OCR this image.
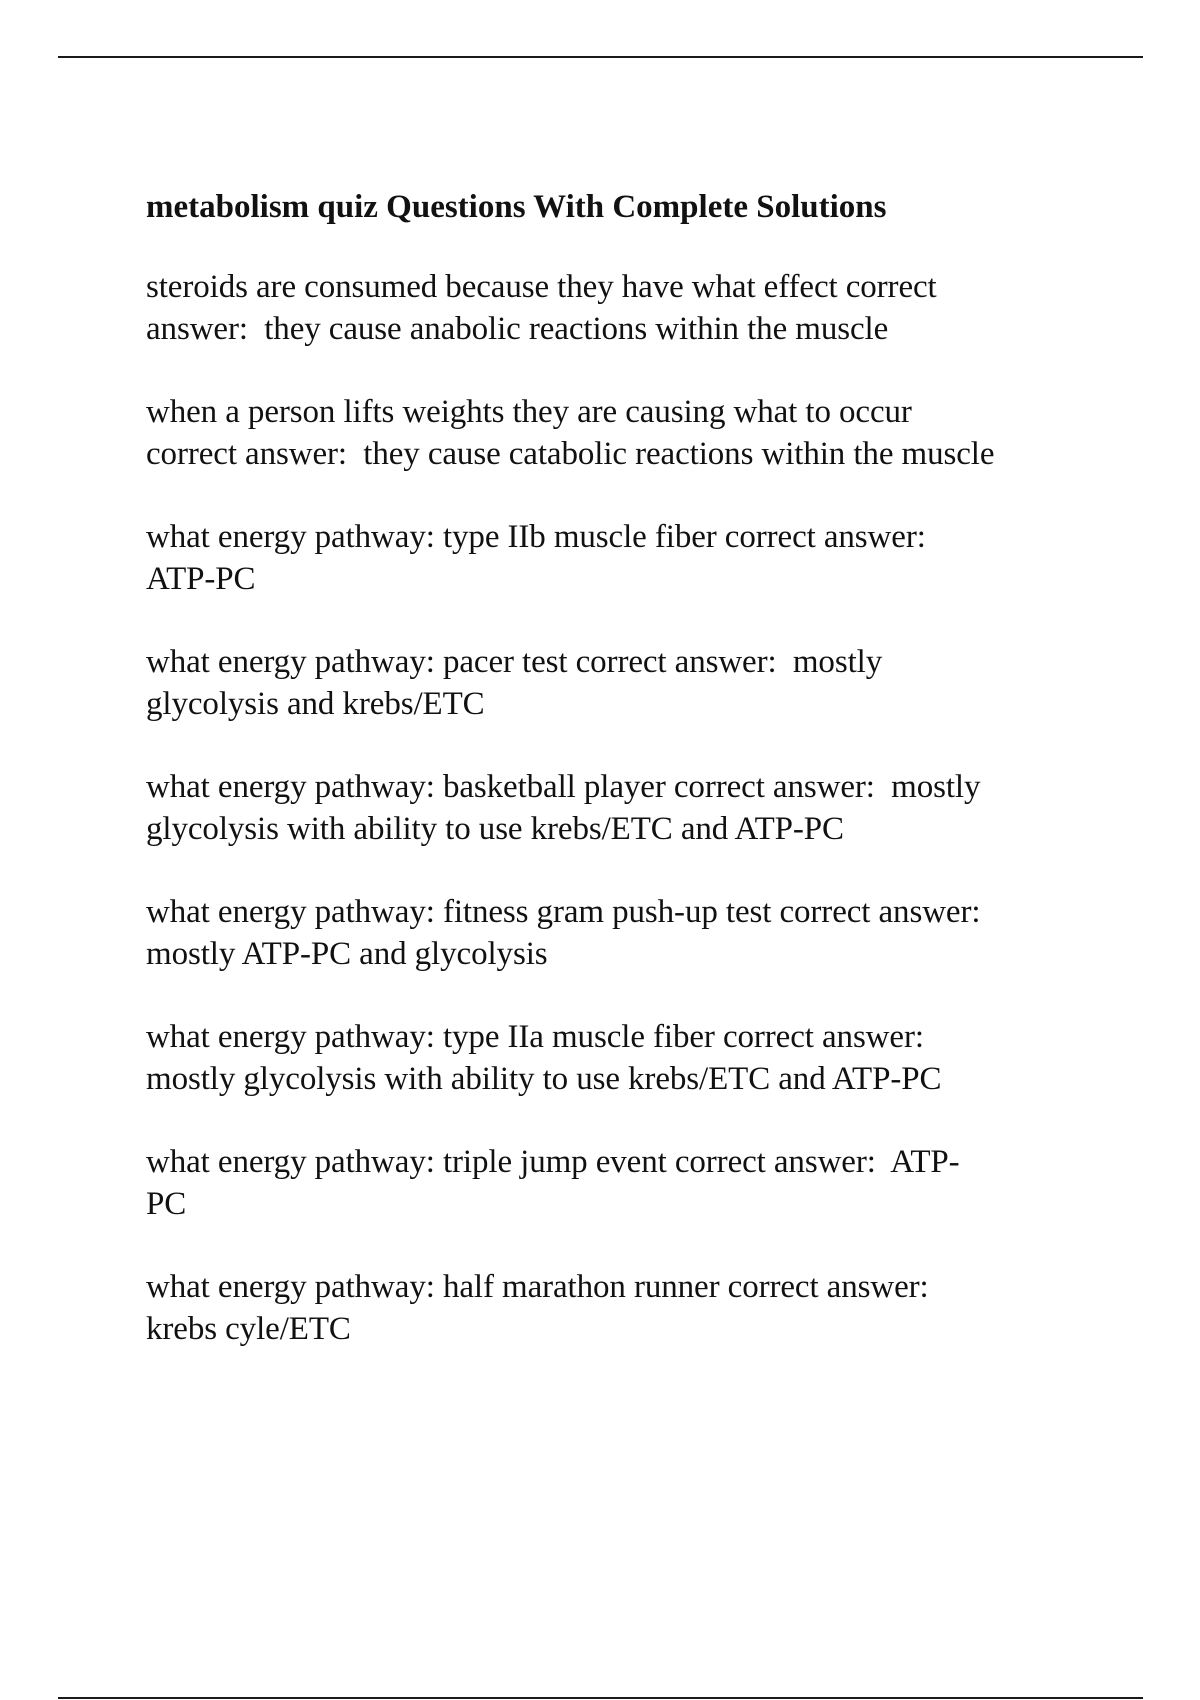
metabolism quiz Questions With Complete Solutions
steroids are consumed because they have what effect correct
answer:  they cause anabolic reactions within the muscle
when a person lifts weights they are causing what to occur
correct answer:  they cause catabolic reactions within the muscle
what energy pathway: type IIb muscle fiber correct answer:
ATP-PC
what energy pathway: pacer test correct answer:  mostly
glycolysis and krebs/ETC
what energy pathway: basketball player correct answer:  mostly
glycolysis with ability to use krebs/ETC and ATP-PC
what energy pathway: fitness gram push-up test correct answer:
mostly ATP-PC and glycolysis
what energy pathway: type IIa muscle fiber correct answer:
mostly glycolysis with ability to use krebs/ETC and ATP-PC
what energy pathway: triple jump event correct answer:  ATP-
PC
what energy pathway: half marathon runner correct answer:
krebs cyle/ETC
